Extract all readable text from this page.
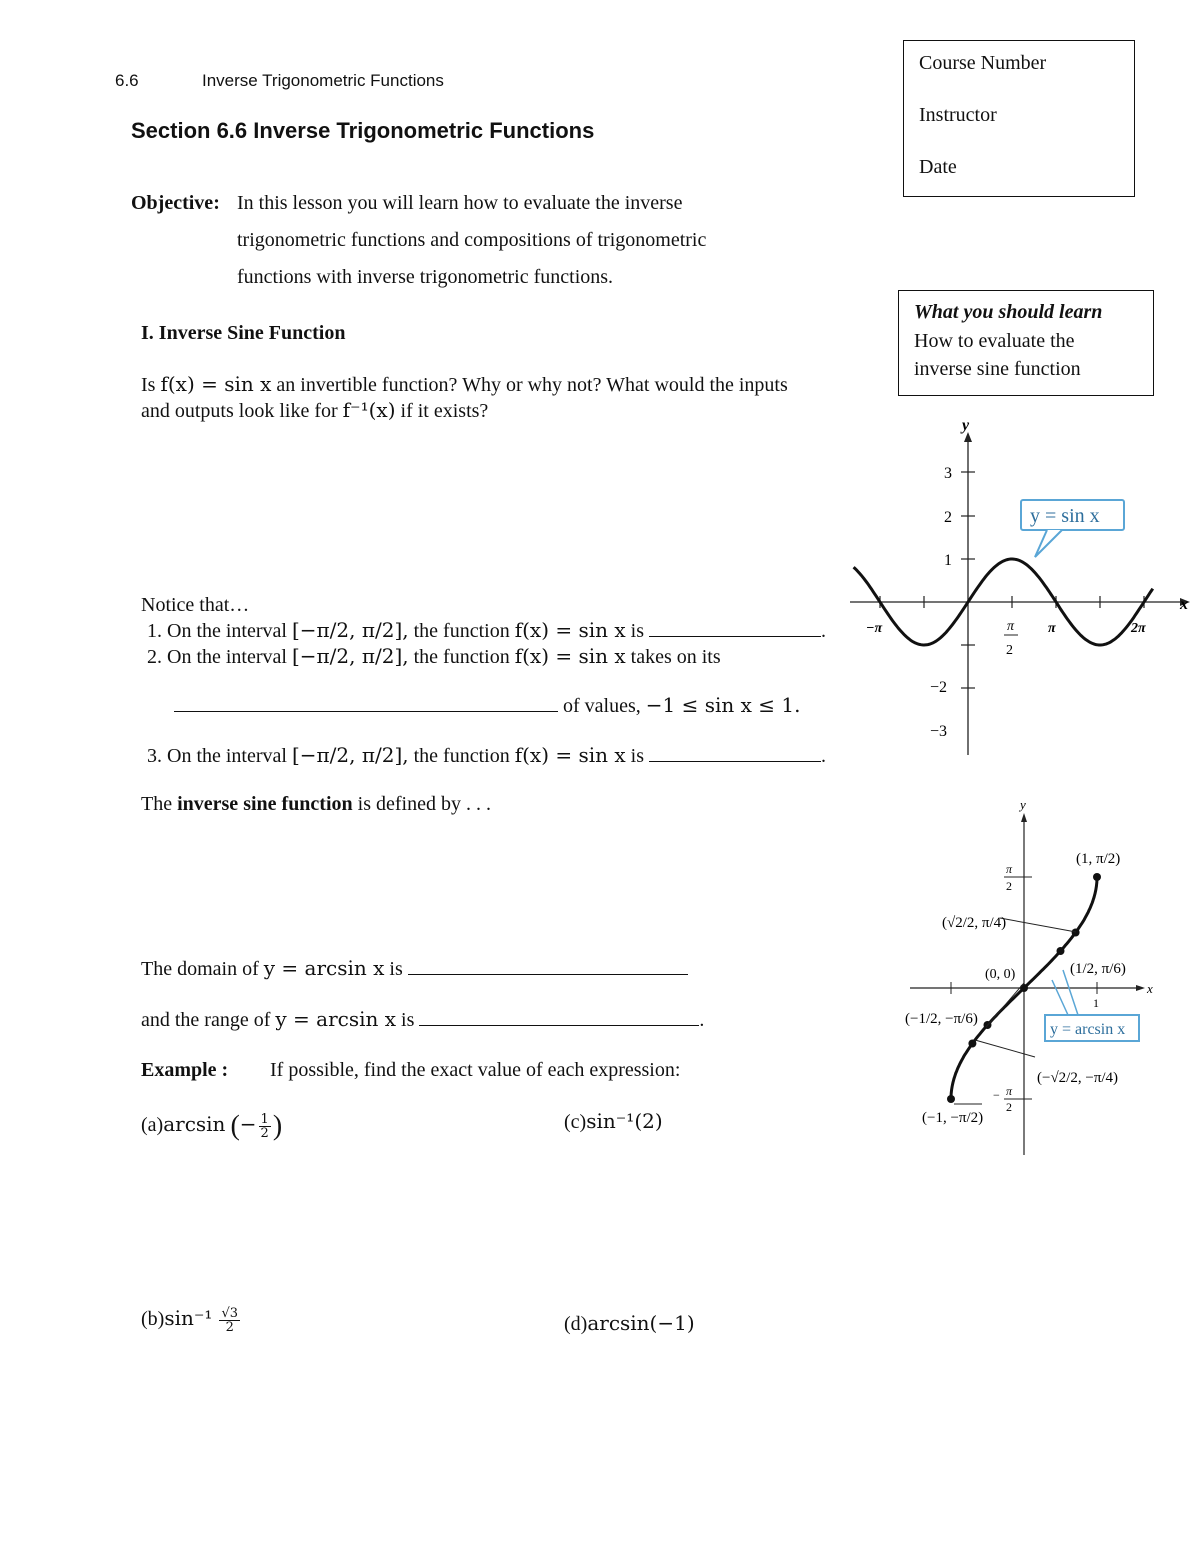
6.6	Inverse Trigonometric Functions
Section 6.6 Inverse Trigonometric Functions
Course Number
Instructor
Date
Objective: In this lesson you will learn how to evaluate the inverse
trigonometric functions and compositions of trigonometric
functions with inverse trigonometric functions.
What you should learn
How to evaluate the
inverse sine function
I. Inverse Sine Function
Is f(x) = sin x an invertible function? Why or why not? What would the inputs
and outputs look like for f⁻¹(x) if it exists?
Notice that…
1. On the interval [−π/2, π/2], the function f(x) = sin x is	.
2. On the interval [−π/2, π/2], the function f(x) = sin x takes on its
of values, −1 ≤ sin x ≤ 1.
3. On the interval [−π/2, π/2], the function f(x) = sin x is	.
The inverse sine function is defined by . . .
The domain of y = arcsin x is
and the range of y = arcsin x is	.
Example : If possible, find the exact value of each expression:
(a)arcsin (− $\frac{1}{2}$ )	(c)sin⁻¹(2)
$(b)\sin^{-1} \frac{√3}{2}$	(d)arcsin(−1)
x
y
3
2
1
−2
−3
−π	π
2
π	2π
y = sin x
y
x
π
2
− π
2
1
(1, π/2)
(√2/2, π/4)
(0, 0)	(1/2, π/6)
(−1/2, −π/6)
(−√2/2, −π/4)
(−1, −π/2)
y = arcsin x
